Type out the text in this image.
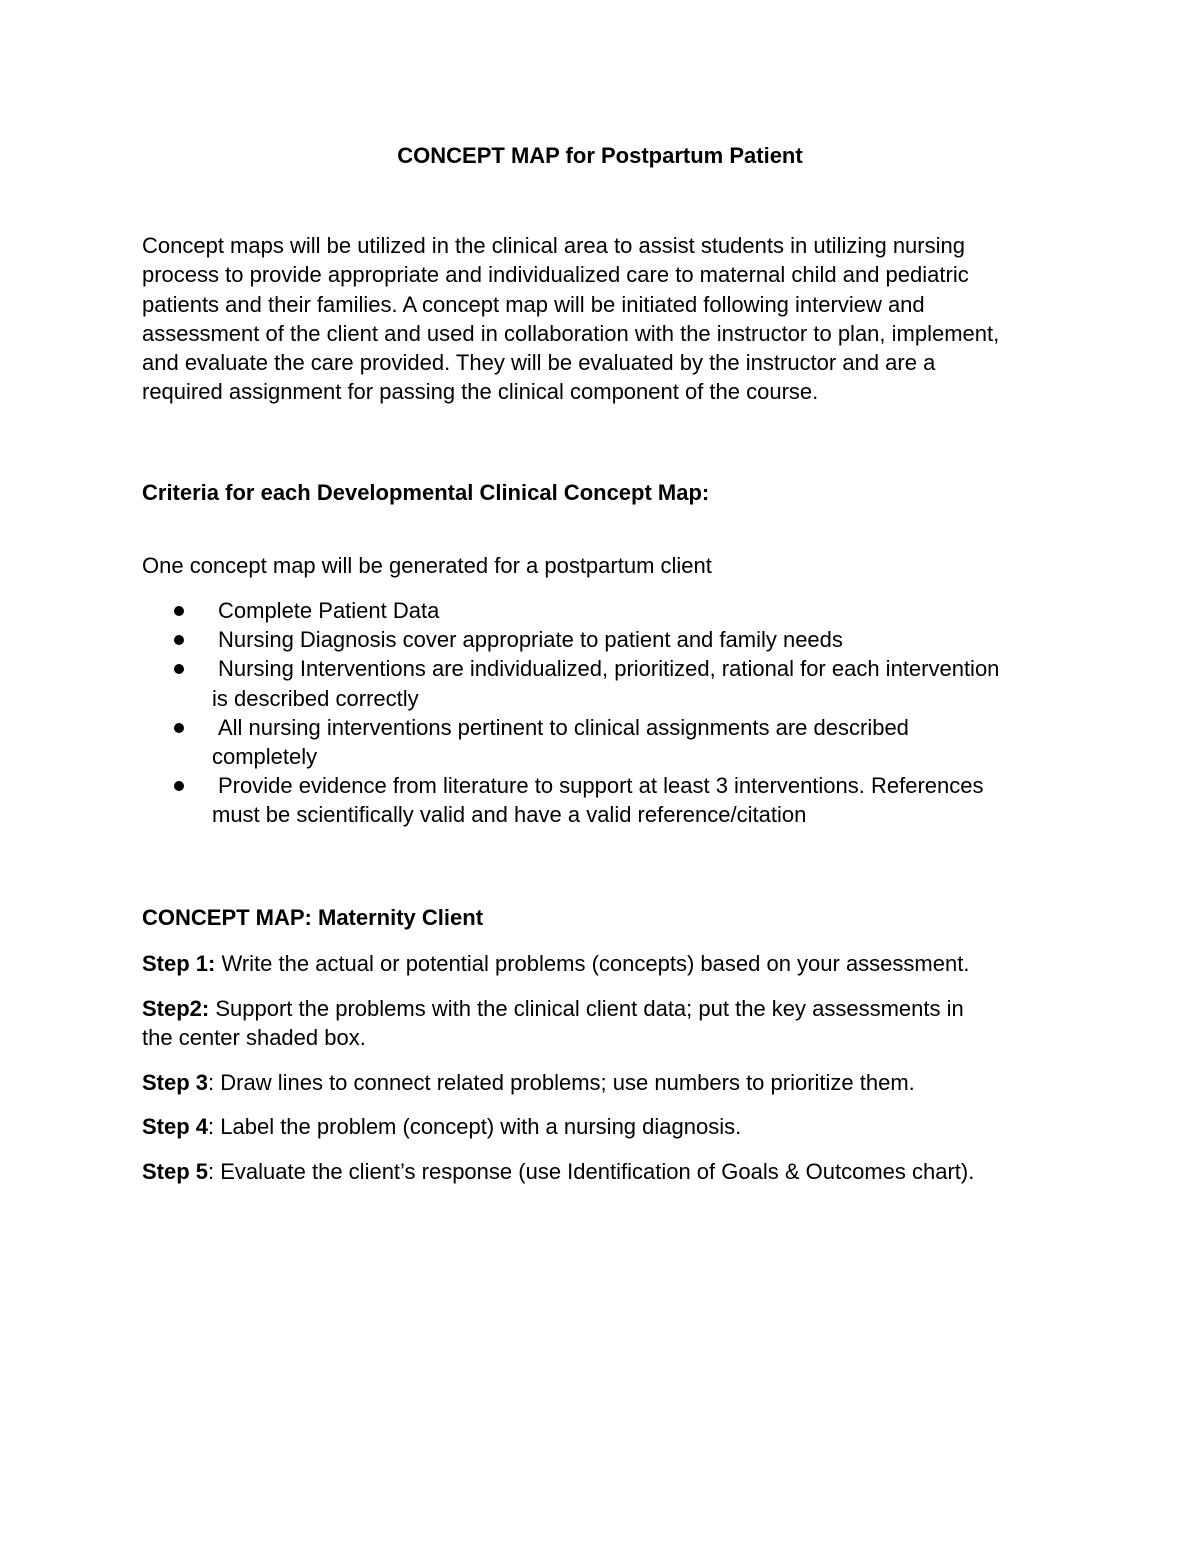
CONCEPT MAP for Postpartum Patient

Concept maps will be utilized in the clinical area to assist students in utilizing nursing
process to provide appropriate and individualized care to maternal child and pediatric
patients and their families. A concept map will be initiated following interview and
assessment of the client and used in collaboration with the instructor to plan, implement,
and evaluate the care provided. They will be evaluated by the instructor and are a
required assignment for passing the clinical component of the course.

Criteria for each Developmental Clinical Concept Map:

One concept map will be generated for a postpartum client

Complete Patient Data
Nursing Diagnosis cover appropriate to patient and family needs
Nursing Interventions are individualized, prioritized, rational for each intervention
is described correctly
All nursing interventions pertinent to clinical assignments are described
completely
Provide evidence from literature to support at least 3 interventions. References
must be scientifically valid and have a valid reference/citation
CONCEPT MAP: Maternity Client

Step 1: Write the actual or potential problems (concepts) based on your assessment.

Step2: Support the problems with the clinical client data; put the key assessments in
the center shaded box.

Step 3: Draw lines to connect related problems; use numbers to prioritize them.

Step 4: Label the problem (concept) with a nursing diagnosis.

Step 5: Evaluate the client’s response (use Identification of Goals & Outcomes chart).
